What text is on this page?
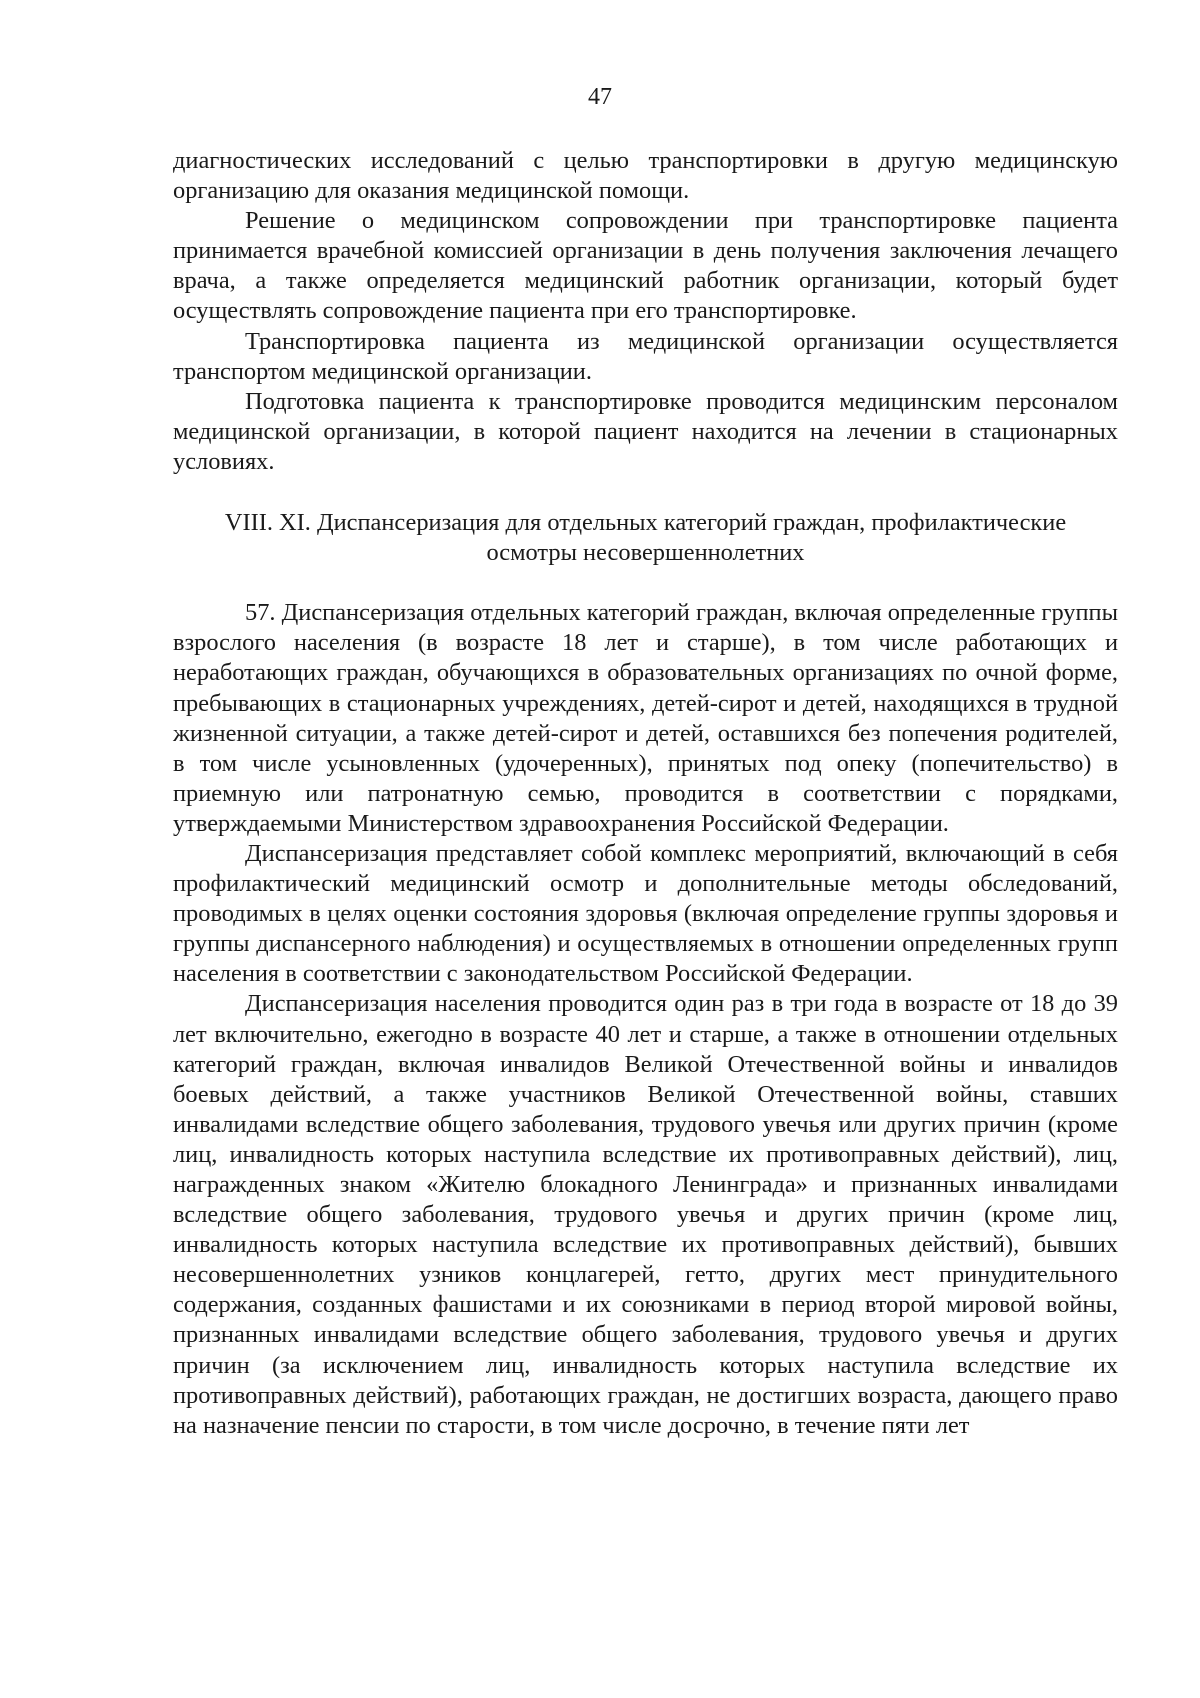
47

диагностических исследований с целью транспортировки в другую медицинскую организацию для оказания медицинской помощи.

Решение о медицинском сопровождении при транспортировке пациента принимается врачебной комиссией организации в день получения заключения лечащего врача, а также определяется медицинский работник организации, который будет осуществлять сопровождение пациента при его транспортировке.

Транспортировка пациента из медицинской организации осуществляется транспортом медицинской организации.

Подготовка пациента к транспортировке проводится медицинским персоналом медицинской организации, в которой пациент находится на лечении в стационарных условиях.

VIII. XI. Диспансеризация для отдельных категорий граждан, профилактические
осмотры несовершеннолетних

57. Диспансеризация отдельных категорий граждан, включая определенные группы взрослого населения (в возрасте 18 лет и старше), в том числе работающих и неработающих граждан, обучающихся в образовательных организациях по очной форме, пребывающих в стационарных учреждениях, детей-сирот и детей, находящихся в трудной жизненной ситуации, а также детей-сирот и детей, оставшихся без попечения родителей, в том числе усыновленных (удочеренных), принятых под опеку (попечительство) в приемную или патронатную семью, проводится в соответствии с порядками, утверждаемыми Министерством здравоохранения Российской Федерации.

Диспансеризация представляет собой комплекс мероприятий, включающий в себя профилактический медицинский осмотр и дополнительные методы обследований, проводимых в целях оценки состояния здоровья (включая определение группы здоровья и группы диспансерного наблюдения) и осуществляемых в отношении определенных групп населения в соответствии с законодательством Российской Федерации.

Диспансеризация населения проводится один раз в три года в возрасте от 18 до 39 лет включительно, ежегодно в возрасте 40 лет и старше, а также в отношении отдельных категорий граждан, включая инвалидов Великой Отечественной войны и инвалидов боевых действий, а также участников Великой Отечественной войны, ставших инвалидами вследствие общего заболевания, трудового увечья или других причин (кроме лиц, инвалидность которых наступила вследствие их противоправных действий), лиц, награжденных знаком «Жителю блокадного Ленинграда» и признанных инвалидами вследствие общего заболевания, трудового увечья и других причин (кроме лиц, инвалидность которых наступила вследствие их противоправных действий), бывших несовершеннолетних узников концлагерей, гетто, других мест принудительного содержания, созданных фашистами и их союзниками в период второй мировой войны, признанных инвалидами вследствие общего заболевания, трудового увечья и других причин (за исключением лиц, инвалидность которых наступила вследствие их противоправных действий), работающих граждан, не достигших возраста, дающего право на назначение пенсии по старости, в том числе досрочно, в течение пяти лет
